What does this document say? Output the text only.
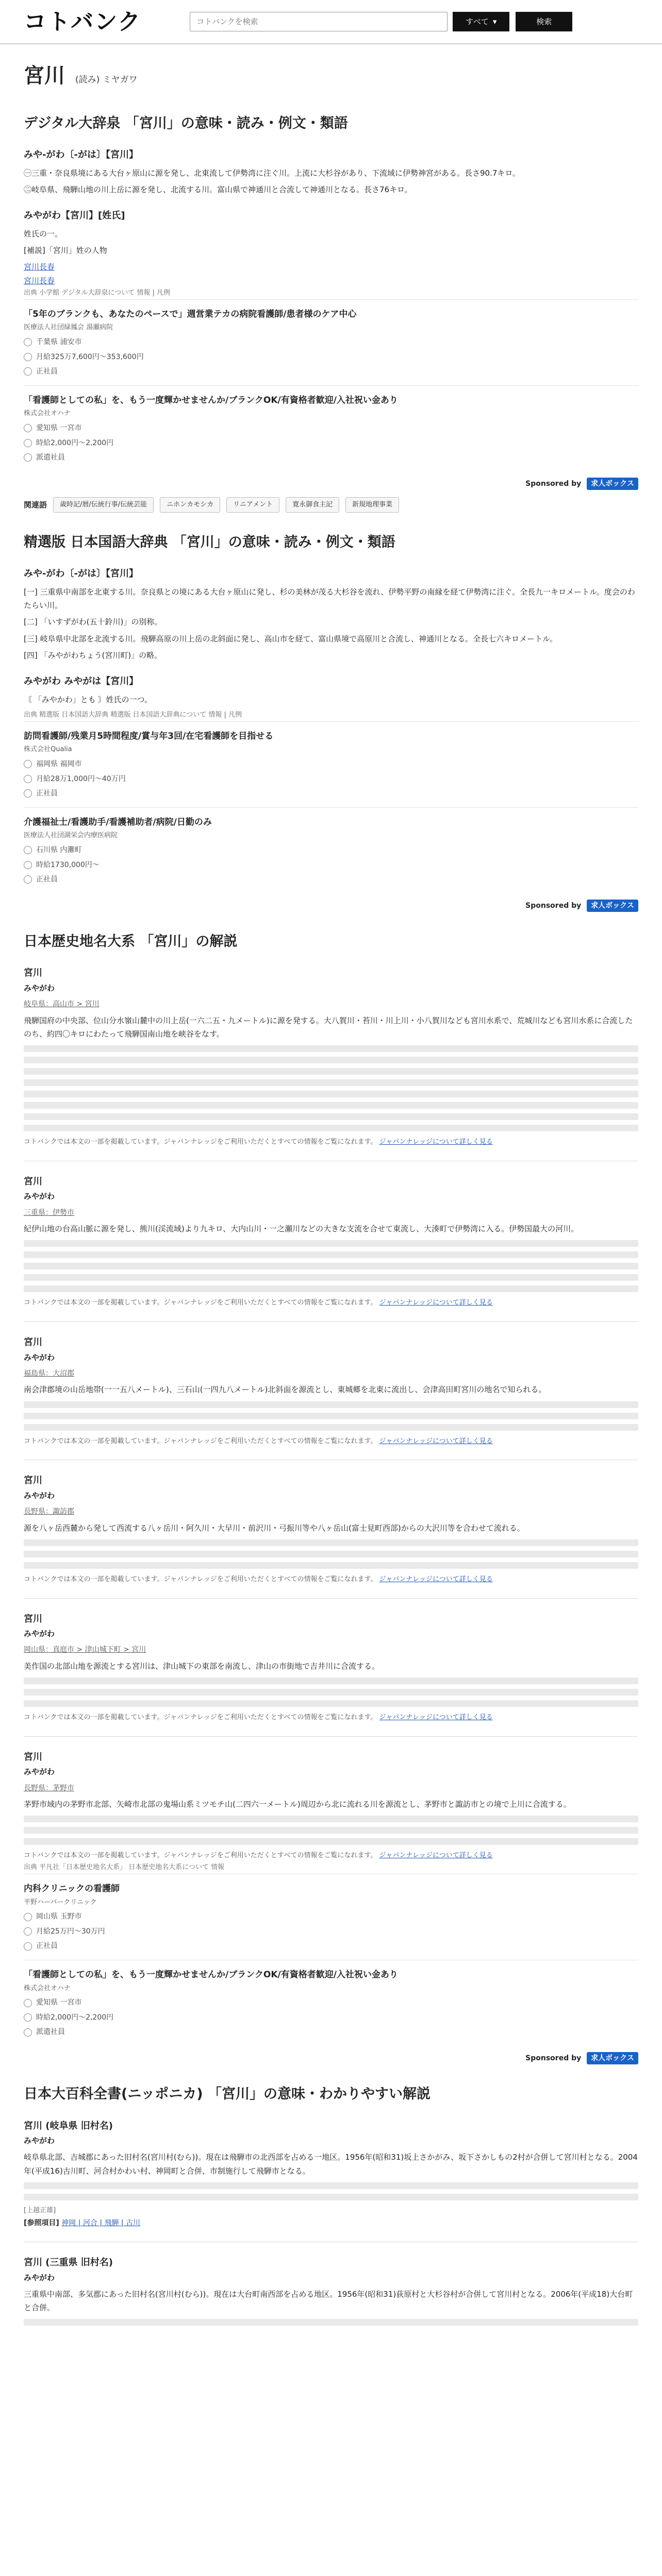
コトバンク
コトバンクを検索	すべて ▾	検索
宮川 (読み) ミヤガワ
デジタル大辞泉 「宮川」の意味・読み・例文・類語
みや‐がわ〔‐がは〕【宮川】
㊀三重・奈良県境にある大台ヶ原山に源を発し、北東流して伊勢湾に注ぐ川。上流に大杉谷があり、下流域に伊勢神宮がある。長さ90.7キロ。
㊁岐阜県、飛騨山地の川上岳に源を発し、北流する川。富山県で神通川と合流して神通川となる。長さ76キロ。
みやがわ【宮川】[姓氏]
姓氏の一。
[補説]「宮川」姓の人物
宮川長春
宮川長春
出典 小学館 デジタル大辞泉について 情報 | 凡例
「5年のブランクも、あなたのペースで」週営業テカの病院看護師/患者様のケア中心
医療法人社団緑鳳会 湯瀬病院
千葉県 浦安市
月給325万7,600円〜353,600円
正社員
「看護師としての私」を、もう一度輝かせませんか/ブランクOK/有資格者歓迎/入社祝い金あり
株式会社オハナ
愛知県 一宮市
時給2,000円〜2,200円
派遣社員
Sponsored by 求人ボックス
関連語	歳時記/暦/伝統行事/伝統芸能	ニホンカモシカ	リニアメント	寛永御食主記	新規地理事業
精選版 日本国語大辞典 「宮川」の意味・読み・例文・類語
みや‐がわ〔‐がは〕【宮川】
[一] 三重県中南部を北東する川。奈良県との境にある大台ヶ原山に発し、杉の美林が茂る大杉谷を流れ、伊勢平野の南縁を経て伊勢湾に注ぐ。全長九一キロメートル。度会のわたらい川。
[二] 「いすずがわ(五十鈴川)」の別称。
[三] 岐阜県中北部を北流する川。飛騨高原の川上岳の北斜面に発し、高山市を経て、富山県境で高原川と合流し、神通川となる。全長七六キロメートル。
[四] 「みやがわちょう(宮川町)」の略。
みやがわ みやがは【宮川】
〘 「みやかわ」とも 〙姓氏の一つ。
出典 精選版 日本国語大辞典 精選版 日本国語大辞典について 情報 | 凡例
訪問看護師/残業月5時間程度/賞与年3回/在宅看護師を目指せる
株式会社Qualia
福岡県 福岡市
月給28万1,000円〜40万円
正社員
介護福祉士/看護助手/看護補助者/病院/日勤のみ
医療法人社団湖栄会内療医病院
石川県 内灘町
時給1730,000円〜
正社員
Sponsored by 求人ボックス
日本歴史地名大系 「宮川」の解説
宮川
みやがわ
岐阜県：高山市 > 宮川
飛騨国府の中央部、位山分水嶺山麓中の川上岳(一六二五・九メートル)に源を発する。大八賀川・苔川・川上川・小八賀川なども宮川水系で、荒城川なども宮川水系に合流したのち、約四〇キロにわたって飛騨国南山地を峡谷をなす。
コトバンクでは本文の一部を掲載しています。ジャパンナレッジをご利用いただくとすべての情報をご覧になれます。 ジャパンナレッジについて詳しく見る
宮川
みやがわ
三重県：伊勢市
紀伊山地の台高山脈に源を発し、熊川(渓流域)より九キロ、大内山川・一之瀬川などの大きな支流を合せて東流し、大湊町で伊勢湾に入る。伊勢国最大の河川。
コトバンクでは本文の一部を掲載しています。ジャパンナレッジをご利用いただくとすべての情報をご覧になれます。 ジャパンナレッジについて詳しく見る
宮川
みやがわ
福島県：大沼郡
南会津郡境の山岳地帯(一一五八メートル)、三石山(一四九八メートル)北斜面を源流とし、東城郷を北東に流出し、会津高田町宮川の地名で知られる。
コトバンクでは本文の一部を掲載しています。ジャパンナレッジをご利用いただくとすべての情報をご覧になれます。 ジャパンナレッジについて詳しく見る
宮川
みやがわ
長野県：諏訪郡
源を八ヶ岳西麓から発して西流する八ヶ岳川・阿久川・大早川・前沢川・弓振川等や八ヶ岳山(富士見町西部)からの大沢川等を合わせて流れる。
コトバンクでは本文の一部を掲載しています。ジャパンナレッジをご利用いただくとすべての情報をご覧になれます。 ジャパンナレッジについて詳しく見る
宮川
みやがわ
岡山県：真庭市 > 津山城下町 > 宮川
美作国の北部山地を源流とする宮川は、津山城下の東部を南流し、津山の市街地で吉井川に合流する。
コトバンクでは本文の一部を掲載しています。ジャパンナレッジをご利用いただくとすべての情報をご覧になれます。 ジャパンナレッジについて詳しく見る
宮川
みやがわ
長野県：茅野市
茅野市域内の茅野市北部、矢崎市北部の鬼場山系ミツモチ山(二四六一メートル)周辺から北に流れる川を源流とし、茅野市と諏訪市との境で上川に合流する。
コトバンクでは本文の一部を掲載しています。ジャパンナレッジをご利用いただくとすべての情報をご覧になれます。 ジャパンナレッジについて詳しく見る
出典 平凡社「日本歴史地名大系」 日本歴史地名大系について 情報
内科クリニックの看護師
平野ハーバークリニック
岡山県 玉野市
月給25万円〜30万円
正社員
「看護師としての私」を、もう一度輝かせませんか/ブランクOK/有資格者歓迎/入社祝い金あり
株式会社オハナ
愛知県 一宮市
時給2,000円〜2,200円
派遣社員
Sponsored by 求人ボックス
日本大百科全書(ニッポニカ) 「宮川」の意味・わかりやすい解説
宮川 (岐阜県 旧村名)
みやがわ
岐阜県北部、吉城郡にあった旧村名(宮川村(むら))。現在は飛騨市の北西部を占める一地区。1956年(昭和31)坂上さかがみ、坂下さかしもの2村が合併して宮川村となる。2004年(平成16)古川町、河合村かわい村、神岡町と合併、市制施行して飛騨市となる。
[上越正雄]
[参照項目] 神岡 | 河合 | 飛騨 | 古川
宮川 (三重県 旧村名)
みやがわ
三重県中南部、多気郡にあった旧村名(宮川村(むら))。現在は大台町南西部を占める地区。1956年(昭和31)荻原村と大杉谷村が合併して宮川村となる。2006年(平成18)大台町と合併。
